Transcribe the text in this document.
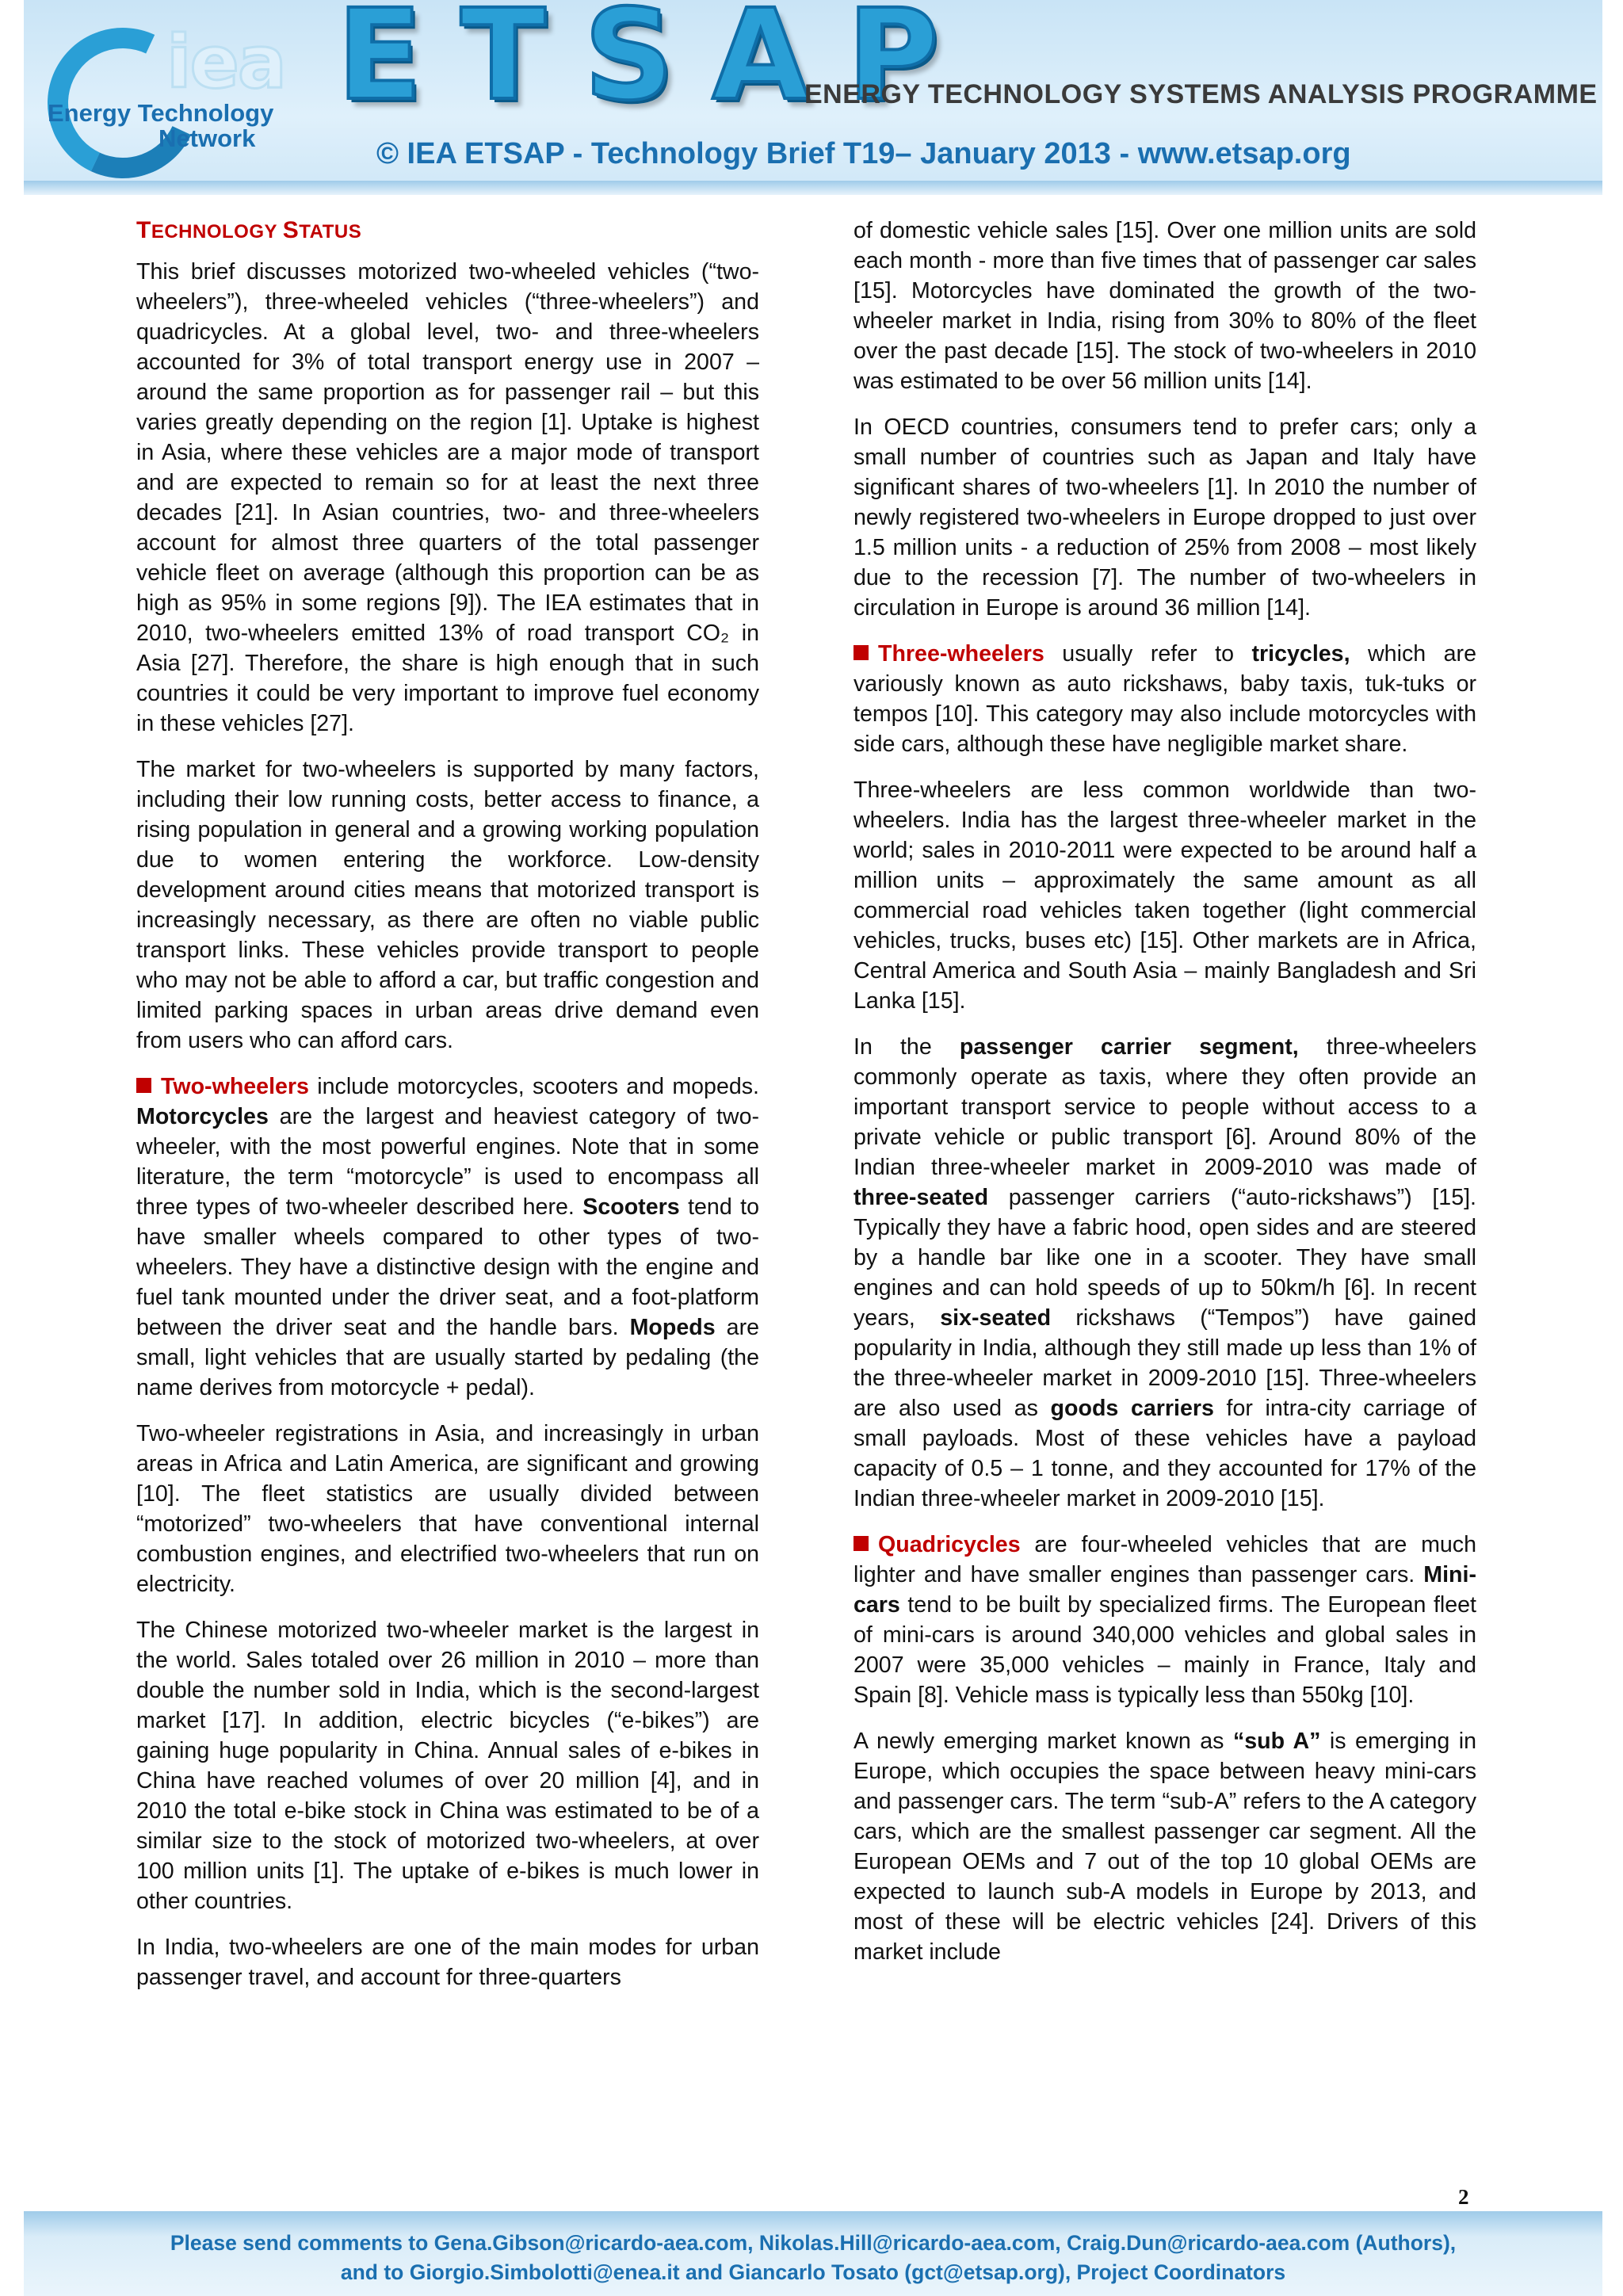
iea
Energy Technology
Network
E T S A P
ENERGY TECHNOLOGY SYSTEMS ANALYSIS PROGRAMME
© IEA ETSAP - Technology Brief T19– January 2013 - www.etsap.org
TECHNOLOGY STATUS

This brief discusses motorized two-wheeled vehicles (“two-wheelers”), three-wheeled vehicles (“three-wheelers”) and quadricycles. At a global level, two- and three-wheelers accounted for 3% of total transport energy use in 2007 – around the same proportion as for passenger rail – but this varies greatly depending on the region [1]. Uptake is highest in Asia, where these vehicles are a major mode of transport and are expected to remain so for at least the next three decades [21]. In Asian countries, two- and three-wheelers account for almost three quarters of the total passenger vehicle fleet on average (although this proportion can be as high as 95% in some regions [9]). The IEA estimates that in 2010, two-wheelers emitted 13% of road transport CO₂ in Asia [27]. Therefore, the share is high enough that in such countries it could be very important to improve fuel economy in these vehicles [27].

The market for two-wheelers is supported by many factors, including their low running costs, better access to finance, a rising population in general and a growing working population due to women entering the workforce. Low-density development around cities means that motorized transport is increasingly necessary, as there are often no viable public transport links. These vehicles provide transport to people who may not be able to afford a car, but traffic congestion and limited parking spaces in urban areas drive demand even from users who can afford cars.

Two-wheelers include motorcycles, scooters and mopeds. Motorcycles are the largest and heaviest category of two-wheeler, with the most powerful engines. Note that in some literature, the term “motorcycle” is used to encompass all three types of two-wheeler described here. Scooters tend to have smaller wheels compared to other types of two-wheelers. They have a distinctive design with the engine and fuel tank mounted under the driver seat, and a foot-platform between the driver seat and the handle bars. Mopeds are small, light vehicles that are usually started by pedaling (the name derives from motorcycle + pedal).

Two-wheeler registrations in Asia, and increasingly in urban areas in Africa and Latin America, are significant and growing [10]. The fleet statistics are usually divided between “motorized” two-wheelers that have conventional internal combustion engines, and electrified two-wheelers that run on electricity.

The Chinese motorized two-wheeler market is the largest in the world. Sales totaled over 26 million in 2010 – more than double the number sold in India, which is the second-largest market [17]. In addition, electric bicycles (“e-bikes”) are gaining huge popularity in China. Annual sales of e-bikes in China have reached volumes of over 20 million [4], and in 2010 the total e-bike stock in China was estimated to be of a similar size to the stock of motorized two-wheelers, at over 100 million units [1]. The uptake of e-bikes is much lower in other countries.

In India, two-wheelers are one of the main modes for urban passenger travel, and account for three-quarters

of domestic vehicle sales [15]. Over one million units are sold each month - more than five times that of passenger car sales [15]. Motorcycles have dominated the growth of the two-wheeler market in India, rising from 30% to 80% of the fleet over the past decade [15]. The stock of two-wheelers in 2010 was estimated to be over 56 million units [14].

In OECD countries, consumers tend to prefer cars; only a small number of countries such as Japan and Italy have significant shares of two-wheelers [1]. In 2010 the number of newly registered two-wheelers in Europe dropped to just over 1.5 million units - a reduction of 25% from 2008 – most likely due to the recession [7]. The number of two-wheelers in circulation in Europe is around 36 million [14].

Three-wheelers usually refer to tricycles, which are variously known as auto rickshaws, baby taxis, tuk-tuks or tempos [10]. This category may also include motorcycles with side cars, although these have negligible market share.

Three-wheelers are less common worldwide than two-wheelers. India has the largest three-wheeler market in the world; sales in 2010-2011 were expected to be around half a million units – approximately the same amount as all commercial road vehicles taken together (light commercial vehicles, trucks, buses etc) [15]. Other markets are in Africa, Central America and South Asia – mainly Bangladesh and Sri Lanka [15].

In the passenger carrier segment, three-wheelers commonly operate as taxis, where they often provide an important transport service to people without access to a private vehicle or public transport [6]. Around 80% of the Indian three-wheeler market in 2009-2010 was made of three-seated passenger carriers (“auto-rickshaws”) [15]. Typically they have a fabric hood, open sides and are steered by a handle bar like one in a scooter. They have small engines and can hold speeds of up to 50km/h [6]. In recent years, six-seated rickshaws (“Tempos”) have gained popularity in India, although they still made up less than 1% of the three-wheeler market in 2009-2010 [15]. Three-wheelers are also used as goods carriers for intra-city carriage of small payloads. Most of these vehicles have a payload capacity of 0.5 – 1 tonne, and they accounted for 17% of the Indian three-wheeler market in 2009-2010 [15].

Quadricycles are four-wheeled vehicles that are much lighter and have smaller engines than passenger cars. Mini-cars tend to be built by specialized firms. The European fleet of mini-cars is around 340,000 vehicles and global sales in 2007 were 35,000 vehicles – mainly in France, Italy and Spain [8]. Vehicle mass is typically less than 550kg [10].

A newly emerging market known as “sub A” is emerging in Europe, which occupies the space between heavy mini-cars and passenger cars. The term “sub-A” refers to the A category cars, which are the smallest passenger car segment. All the European OEMs and 7 out of the top 10 global OEMs are expected to launch sub-A models in Europe by 2013, and most of these will be electric vehicles [24]. Drivers of this market include

2
Please send comments to Gena.Gibson@ricardo-aea.com, Nikolas.Hill@ricardo-aea.com, Craig.Dun@ricardo-aea.com (Authors),
and to Giorgio.Simbolotti@enea.it and Giancarlo Tosato (gct@etsap.org), Project Coordinators
